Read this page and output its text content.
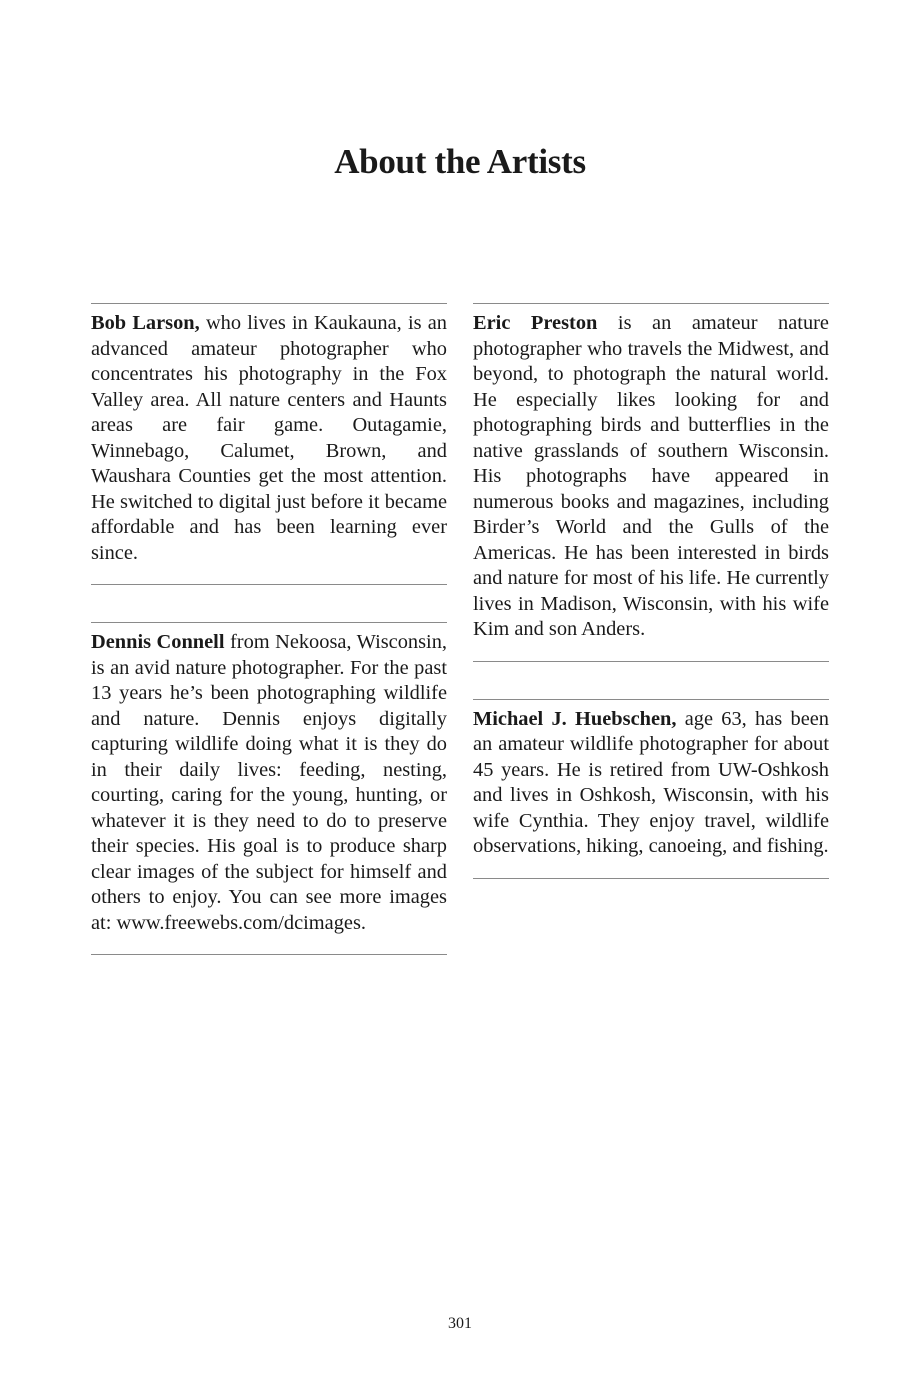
About the Artists

Bob Larson, who lives in Kaukauna, is an advanced amateur photographer who concentrates his photography in the Fox Valley area. All nature centers and Haunts areas are fair game. Outagamie, Winnebago, Calumet, Brown, and Waushara Counties get the most attention. He switched to digital just before it became affordable and has been learning ever since.

Dennis Connell from Nekoosa, Wisconsin, is an avid nature photographer. For the past 13 years he’s been photographing wildlife and nature. Dennis enjoys digitally capturing wildlife doing what it is they do in their daily lives: feeding, nesting, courting, caring for the young, hunting, or whatever it is they need to do to preserve their species. His goal is to produce sharp clear images of the subject for himself and others to enjoy. You can see more images at: www.freewebs.com/dcimages.

Eric Preston is an amateur nature photographer who travels the Midwest, and beyond, to photograph the natural world. He especially likes looking for and photographing birds and butterflies in the native grasslands of southern Wisconsin. His photographs have appeared in numerous books and magazines, including Birder’s World and the Gulls of the Americas. He has been interested in birds and nature for most of his life. He currently lives in Madison, Wisconsin, with his wife Kim and son Anders.

Michael J. Huebschen, age 63, has been an amateur wildlife photographer for about 45 years. He is retired from UW-Oshkosh and lives in Oshkosh, Wisconsin, with his wife Cynthia. They enjoy travel, wildlife observations, hiking, canoeing, and fishing.

301
